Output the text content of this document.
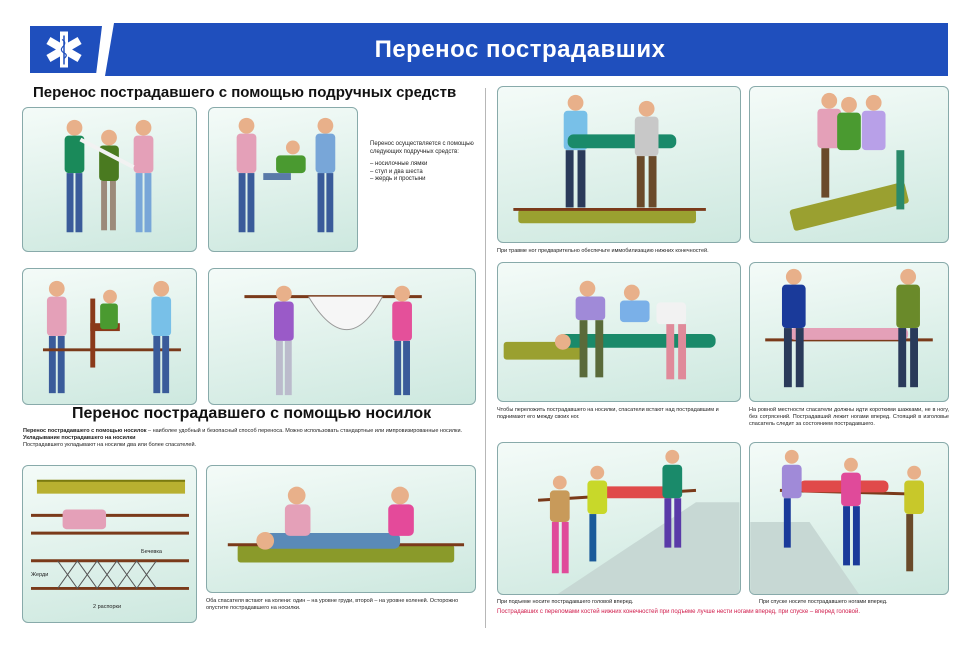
Перенос пострадавших
Перенос пострадавшего с помощью подручных средств
Перенос пострадавшего с помощью носилок

Перенос осуществляется с помощью следующих подручных средств:

– носилочные лямки
– стул и два шеста
– жердь и простыни
Перенос пострадавшего с помощью носилок – наиболее удобный и безопасный способ переноса. Можно использовать стандартные или импровизированные носилки.
Укладывание пострадавшего на носилки
Пострадавшего укладывают на носилки два или более спасателей.
Бечевка
Жерди
2 распорки
Оба спасателя встают на колени: один – на уровне груди, второй – на уровне коленей. Осторожно опустите пострадавшего на носилки.
При травме ног предварительно обеспечьте иммобилизацию нижних конечностей.
Чтобы переложить пострадавшего на носилки, спасатели встают над пострадавшим и поднимают его между своих ног.
На ровной местности спасатели должны идти короткими шажками, не в ногу, без сотрясений. Пострадавший лежит ногами вперед. Стоящий в изголовье спасатель следит за состоянием пострадавшего.
При подъеме носите пострадавшего головой вперед.	При спуске носите пострадавшего ногами вперед.
Пострадавших с переломами костей нижних конечностей при подъеме лучше нести ногами вперед, при спуске – вперед головой.
